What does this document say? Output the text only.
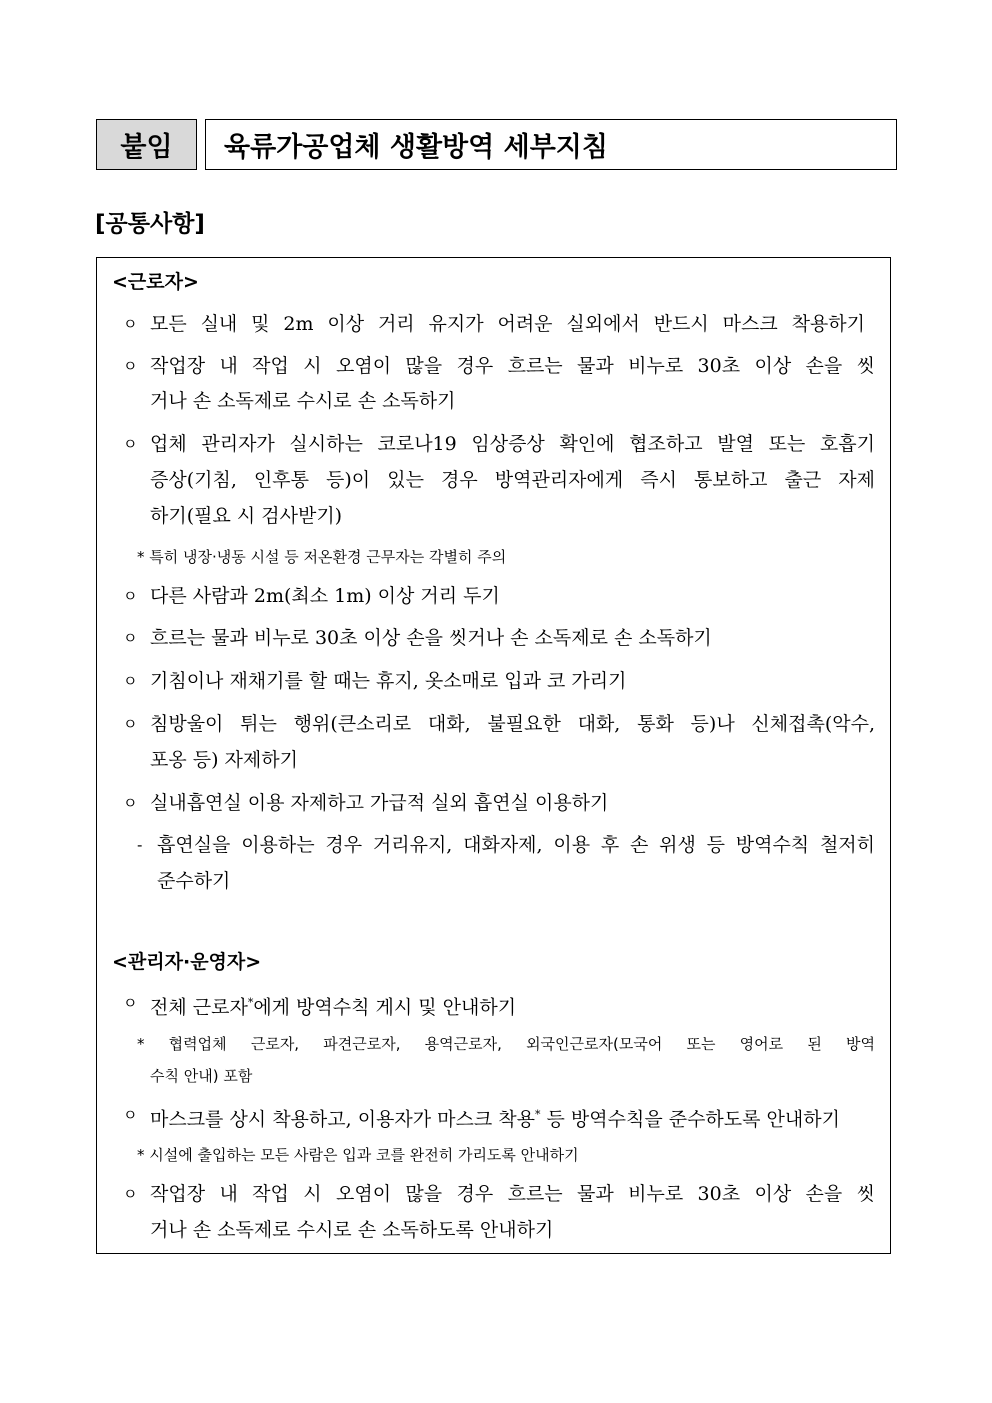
붙임	육류가공업체 생활방역 세부지침
[공통사항]
<근로자>
ㅇ 모든 실내 및 2m 이상 거리 유지가 어려운 실외에서 반드시 마스크 착용하기
ㅇ 작업장 내 작업 시 오염이 많을 경우 흐르는 물과 비누로 30초 이상 손을 씻
거나 손 소독제로 수시로 손 소독하기
ㅇ 업체 관리자가 실시하는 코로나19 임상증상 확인에 협조하고 발열 또는 호흡기
증상(기침, 인후통 등)이 있는 경우 방역관리자에게 즉시 통보하고 출근 자제
하기(필요 시 검사받기)
* 특히 냉장·냉동 시설 등 저온환경 근무자는 각별히 주의
ㅇ 다른 사람과 2m(최소 1m) 이상 거리 두기
ㅇ 흐르는 물과 비누로 30초 이상 손을 씻거나 손 소독제로 손 소독하기
ㅇ 기침이나 재채기를 할 때는 휴지, 옷소매로 입과 코 가리기
ㅇ 침방울이 튀는 행위(큰소리로 대화, 불필요한 대화, 통화 등)나 신체접촉(악수,
포옹 등) 자제하기
ㅇ 실내흡연실 이용 자제하고 가급적 실외 흡연실 이용하기
- 흡연실을 이용하는 경우 거리유지, 대화자제, 이용 후 손 위생 등 방역수칙 철저히
준수하기
<관리자·운영자>
ㅇ 전체 근로자*에게 방역수칙 게시 및 안내하기
* 협력업체 근로자, 파견근로자, 용역근로자, 외국인근로자(모국어 또는 영어로 된 방역
수칙 안내) 포함
ㅇ 마스크를 상시 착용하고, 이용자가 마스크 착용* 등 방역수칙을 준수하도록 안내하기
* 시설에 출입하는 모든 사람은 입과 코를 완전히 가리도록 안내하기
ㅇ 작업장 내 작업 시 오염이 많을 경우 흐르는 물과 비누로 30초 이상 손을 씻
거나 손 소독제로 수시로 손 소독하도록 안내하기
